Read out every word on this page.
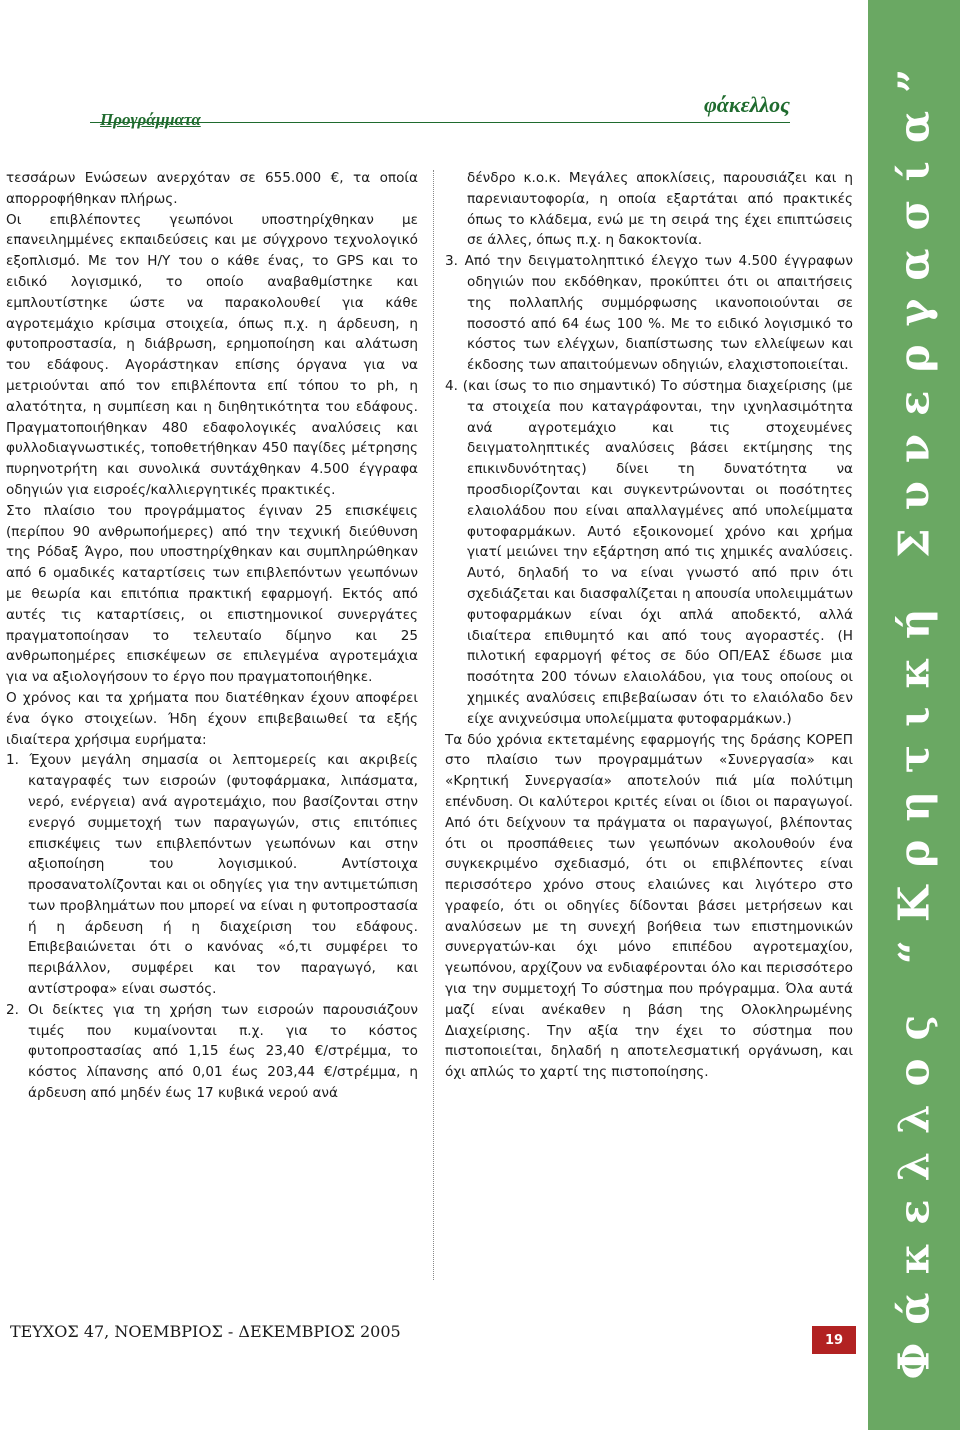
Προγράμματα
φάκελλος

τεσσάρων Ενώσεων ανερχόταν σε 655.000 €, τα οποία απορροφήθηκαν πλήρως.

Οι επιβλέποντες γεωπόνοι υποστηρίχθηκαν με επανειλημμένες εκπαιδεύσεις και με σύγχρονο τεχνολογικό εξοπλισμό. Με τον Η/Υ του ο κάθε ένας, το GPS και το ειδικό λογισμικό, το οποίο αναβαθμίστηκε και εμπλουτίστηκε ώστε να παρακολουθεί για κάθε αγροτεμάχιο κρίσιμα στοιχεία, όπως π.χ. η άρδευση, η φυτοπροστασία, η διάβρωση, ερημοποίηση και αλάτωση του εδάφους. Αγοράστηκαν επίσης όργανα για να μετριούνται από τον επιβλέποντα επί τόπου το ph, η αλατότητα, η συμπίεση και η διηθητικότητα του εδάφους. Πραγματοποιήθηκαν 480 εδαφολογικές αναλύσεις και φυλλοδιαγνωστικές, τοποθετήθηκαν 450 παγίδες μέτρησης πυρηνοτρήτη και συνολικά συντάχθηκαν 4.500 έγγραφα οδηγιών για εισροές/καλλιεργητικές πρακτικές.

Στο πλαίσιο του προγράμματος έγιναν 25 επισκέψεις (περίπου 90 ανθρωποήμερες) από την τεχνική διεύθυνση της Ρόδαξ Άγρο, που υποστηρίχθηκαν και συμπληρώθηκαν από 6 ομαδικές καταρτίσεις των επιβλεπόντων γεωπόνων με θεωρία και επιτόπια πρακτική εφαρμογή. Εκτός από αυτές τις καταρτίσεις, οι επιστημονικοί συνεργάτες πραγματοποίησαν το τελευταίο δίμηνο και 25 ανθρωποημέρες επισκέψεων σε επιλεγμένα αγροτεμάχια για να αξιολογήσουν το έργο που πραγματοποιήθηκε.

Ο χρόνος και τα χρήματα που διατέθηκαν έχουν αποφέρει ένα όγκο στοιχείων. Ήδη έχουν επιβεβαιωθεί τα εξής ιδιαίτερα χρήσιμα ευρήματα:

1. Έχουν μεγάλη σημασία οι λεπτομερείς και ακριβείς καταγραφές των εισροών (φυτοφάρμακα, λιπάσματα, νερό, ενέργεια) ανά αγροτεμάχιο, που βασίζονται στην ενεργό συμμετοχή των παραγωγών, στις επιτόπιες επισκέψεις των επιβλεπόντων γεωπόνων και στην αξιοποίηση του λογισμικού. Αντίστοιχα προσανατολίζονται και οι οδηγίες για την αντιμετώπιση των προβλημάτων που μπορεί να είναι η φυτοπροστασία ή η άρδευση ή η διαχείριση του εδάφους. Επιβεβαιώνεται ότι ο κανόνας «ό,τι συμφέρει το περιβάλλον, συμφέρει και τον παραγωγό, και αντίστροφα» είναι σωστός.

2. Οι δείκτες για τη χρήση των εισροών παρουσιάζουν τιμές που κυμαίνονται π.χ. για το κόστος φυτοπροστασίας από 1,15 έως 23,40 €/στρέμμα, το κόστος λίπανσης από 0,01 έως 203,44 €/στρέμμα, η άρδευση από μηδέν έως 17 κυβικά νερού ανά

δένδρο κ.ο.κ. Μεγάλες αποκλίσεις, παρουσιάζει και η παρενιαυτοφορία, η οποία εξαρτάται από πρακτικές όπως το κλάδεμα, ενώ με τη σειρά της έχει επιπτώσεις σε άλλες, όπως π.χ. η δακοκτονία.

3. Από την δειγματοληπτικό έλεγχο των 4.500 έγγραφων οδηγιών που εκδόθηκαν, προκύπτει ότι οι απαιτήσεις της πολλαπλής συμμόρφωσης ικανοποιούνται σε ποσοστό από 64 έως 100 %. Με το ειδικό λογισμικό το κόστος των ελέγχων, διαπίστωσης των ελλείψεων και έκδοσης των απαιτούμενων οδηγιών, ελαχιστοποιείται.

4. (και ίσως το πιο σημαντικό) Το σύστημα διαχείρισης (με τα στοιχεία που καταγράφονται, την ιχνηλασιμότητα ανά αγροτεμάχιο και τις στοχευμένες δειγματοληπτικές αναλύσεις βάσει εκτίμησης της επικινδυνότητας) δίνει τη δυνατότητα να προσδιορίζονται και συγκεντρώνονται οι ποσότητες ελαιολάδου που είναι απαλλαγμένες από υπολείμματα φυτοφαρμάκων. Αυτό εξοικονομεί χρόνο και χρήμα γιατί μειώνει την εξάρτηση από τις χημικές αναλύσεις. Αυτό, δηλαδή το να είναι γνωστό από πριν ότι σχεδιάζεται και διασφαλίζεται η απουσία υπολειμμάτων φυτοφαρμάκων είναι όχι απλά αποδεκτό, αλλά ιδιαίτερα επιθυμητό και από τους αγοραστές. (Η πιλοτική εφαρμογή φέτος σε δύο ΟΠ/ΕΑΣ έδωσε μια ποσότητα 200 τόνων ελαιολάδου, για τους οποίους οι χημικές αναλύσεις επιβεβαίωσαν ότι το ελαιόλαδο δεν είχε ανιχνεύσιμα υπολείμματα φυτοφαρμάκων.)

Τα δύο χρόνια εκτεταμένης εφαρμογής της δράσης ΚΟΡΕΠ στο πλαίσιο των προγραμμάτων «Συνεργασία» και «Κρητική Συνεργασία» αποτελούν πιά μία πολύτιμη επένδυση. Οι καλύτεροι κριτές είναι οι ίδιοι οι παραγωγοί. Από ότι δείχνουν τα πράγματα οι παραγωγοί, βλέποντας ότι οι προσπάθειες των γεωπόνων ακολουθούν ένα συγκεκριμένο σχεδιασμό, ότι οι επιβλέποντες είναι περισσότερο χρόνο στους ελαιώνες και λιγότερο στο γραφείο, ότι οι οδηγίες δίδονται βάσει μετρήσεων και αναλύσεων με τη συνεχή βοήθεια των επιστημονικών συνεργατών-και όχι μόνο επιπέδου αγροτεμαχίου, γεωπόνου, αρχίζουν να ενδιαφέρονται όλο και περισσότερο για την συμμετοχή Το σύστημα που πρόγραμμα. Όλα αυτά μαζί είναι ανέκαθεν η βάση της Ολοκληρωμένης Διαχείρισης. Την αξία την έχει το σύστημα που πιστοποιείται, δηλαδή η αποτελεσματική οργάνωση, και όχι απλώς το χαρτί της πιστοποίησης.	Φάκελλος “Κρητική Συνεργασία”
ΤΕΥΧΟΣ 47, ΝΟΕΜΒΡΙΟΣ - ΔΕΚΕΜΒΡΙΟΣ 2005	19
